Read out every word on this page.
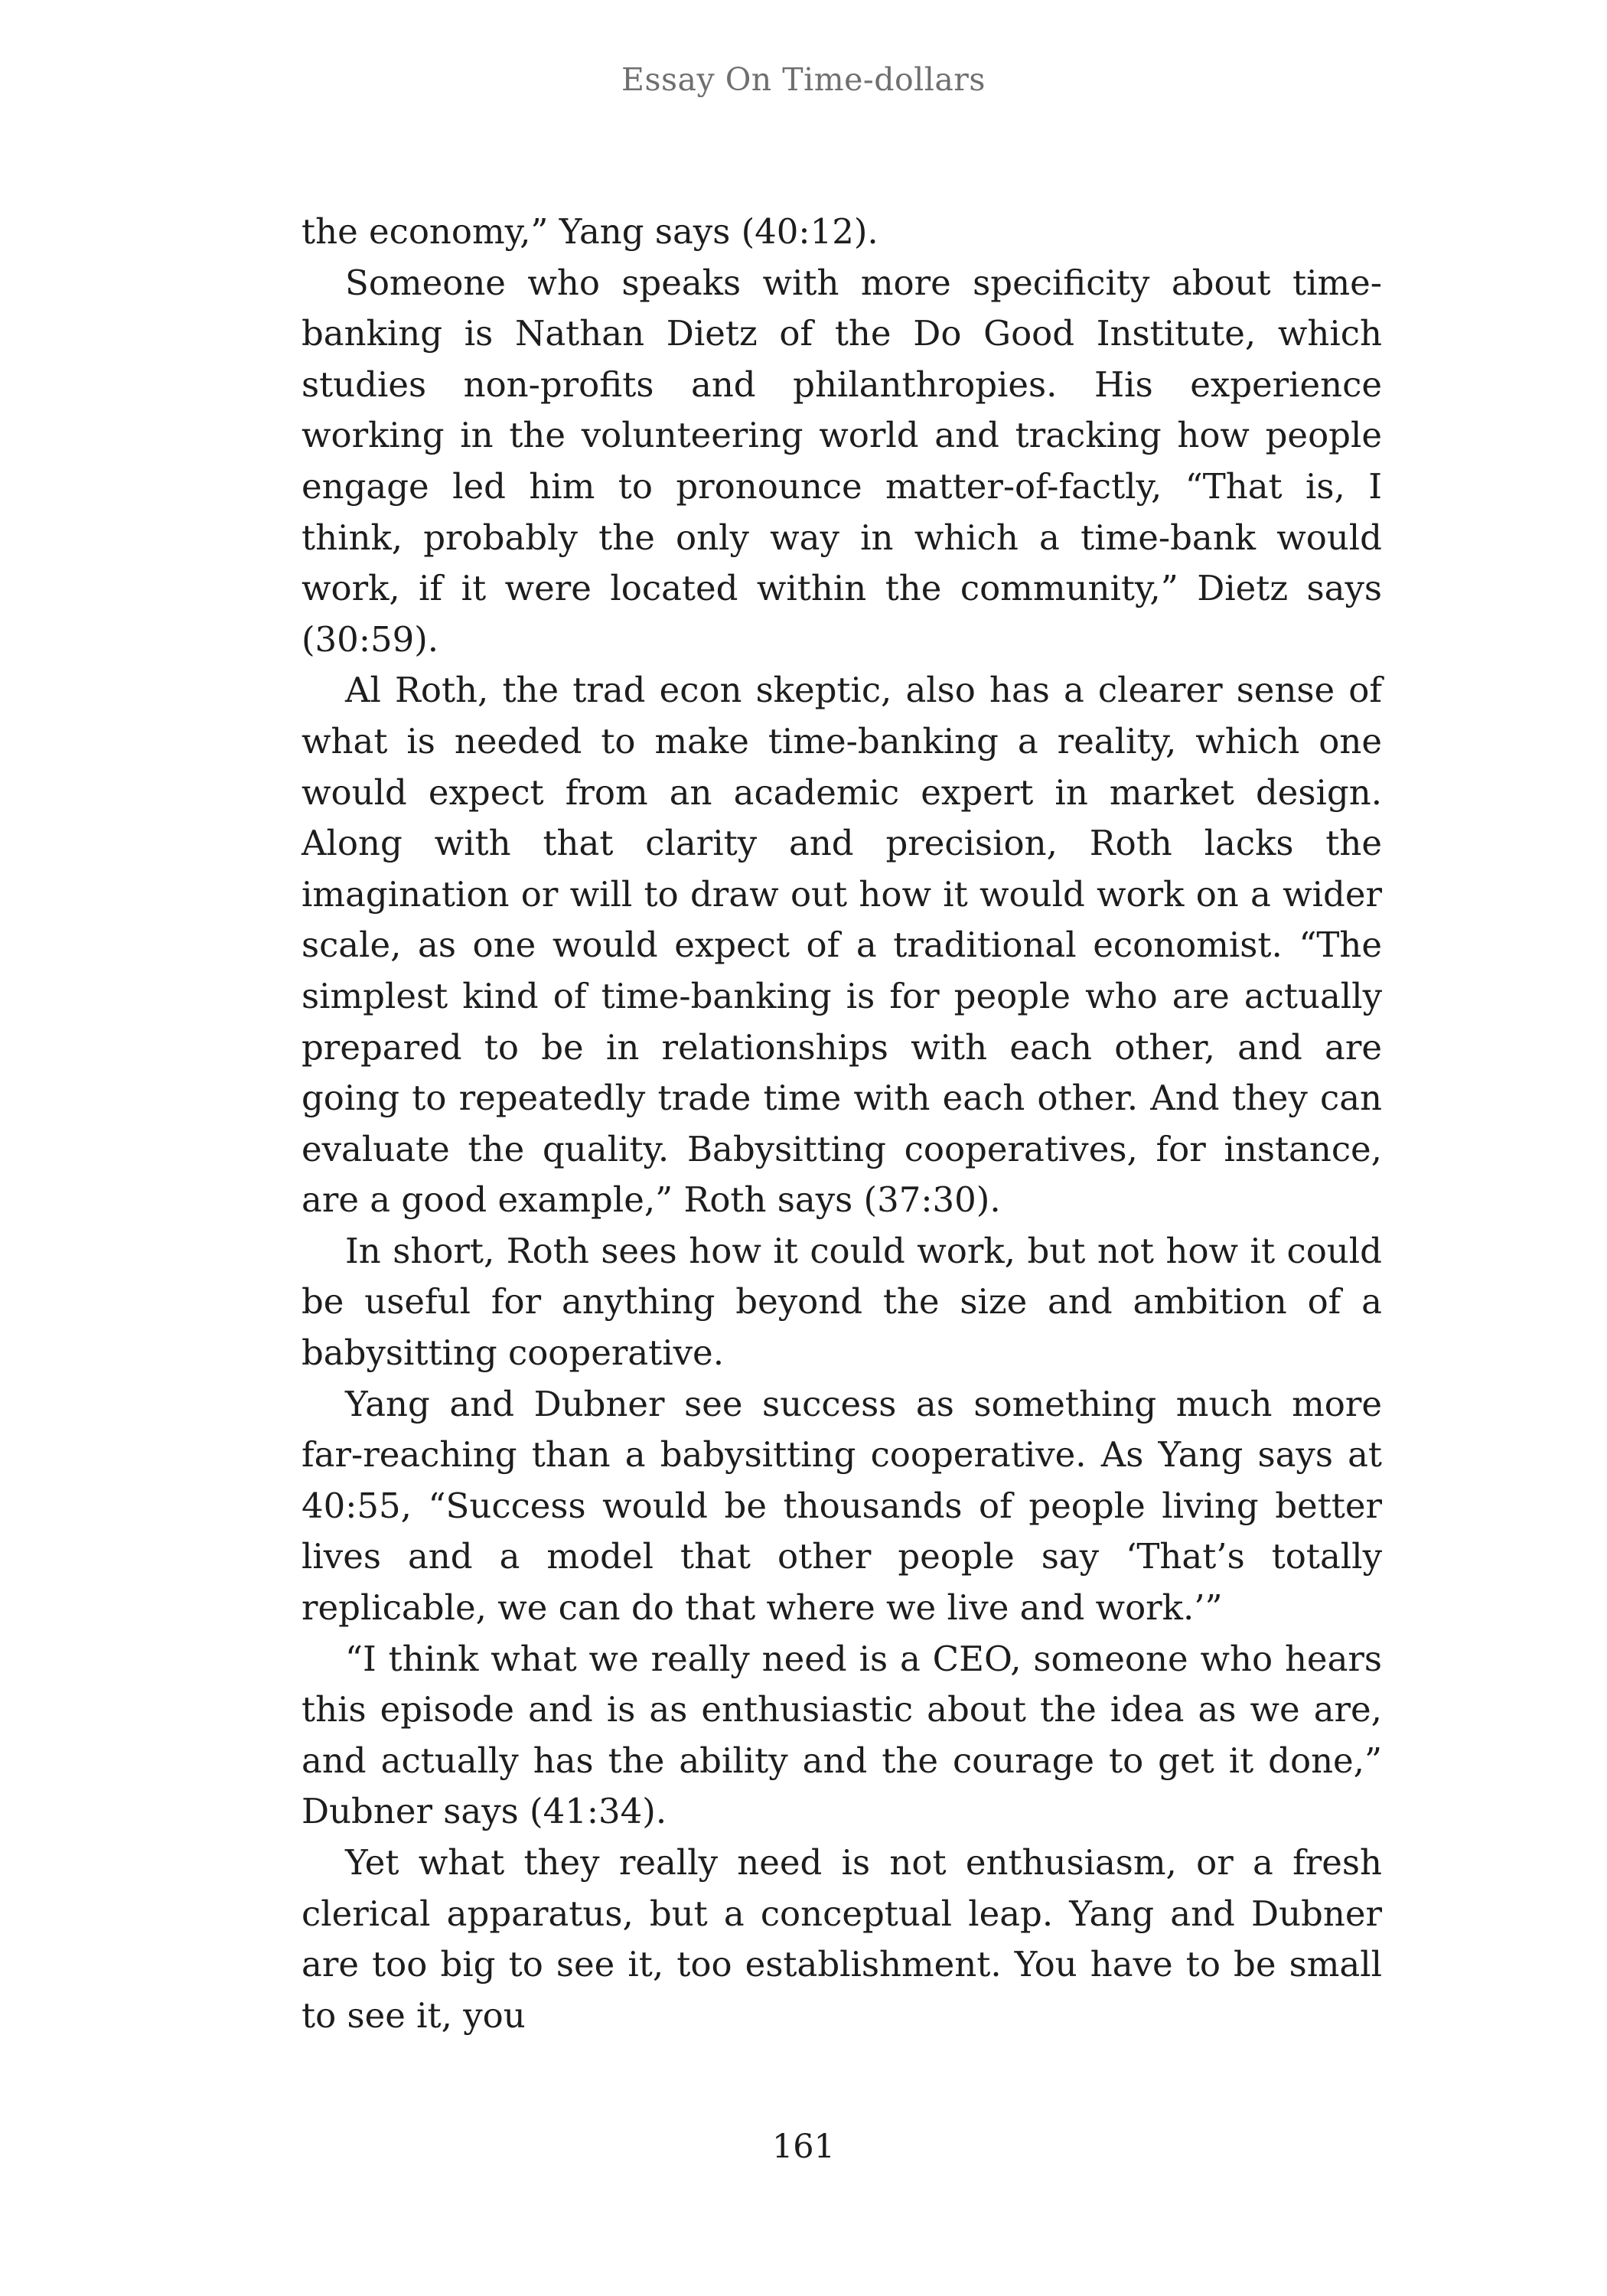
Essay On Time-dollars

the economy,” Yang says (40:12).

Someone who speaks with more specificity about time-banking is Nathan Dietz of the Do Good Institute, which studies non-profits and philanthropies. His experience working in the volunteering world and tracking how people engage led him to pronounce matter-of-factly, “That is, I think, probably the only way in which a time-bank would work, if it were located within the community,” Dietz says (30:59).

Al Roth, the trad econ skeptic, also has a clearer sense of what is needed to make time-banking a reality, which one would expect from an academic expert in market design. Along with that clarity and precision, Roth lacks the imagination or will to draw out how it would work on a wider scale, as one would expect of a traditional economist. “The simplest kind of time-banking is for people who are actually prepared to be in relationships with each other, and are going to repeatedly trade time with each other. And they can evaluate the quality. Babysitting cooperatives, for instance, are a good example,” Roth says (37:30).

In short, Roth sees how it could work, but not how it could be useful for anything beyond the size and ambition of a babysitting cooperative.

Yang and Dubner see success as something much more far-reaching than a babysitting cooperative. As Yang says at 40:55, “Success would be thousands of people living better lives and a model that other people say ‘That’s totally replicable, we can do that where we live and work.’”

“I think what we really need is a CEO, someone who hears this episode and is as enthusiastic about the idea as we are, and actually has the ability and the courage to get it done,” Dubner says (41:34).

Yet what they really need is not enthusiasm, or a fresh clerical apparatus, but a conceptual leap. Yang and Dubner are too big to see it, too establishment. You have to be small to see it, you

161
